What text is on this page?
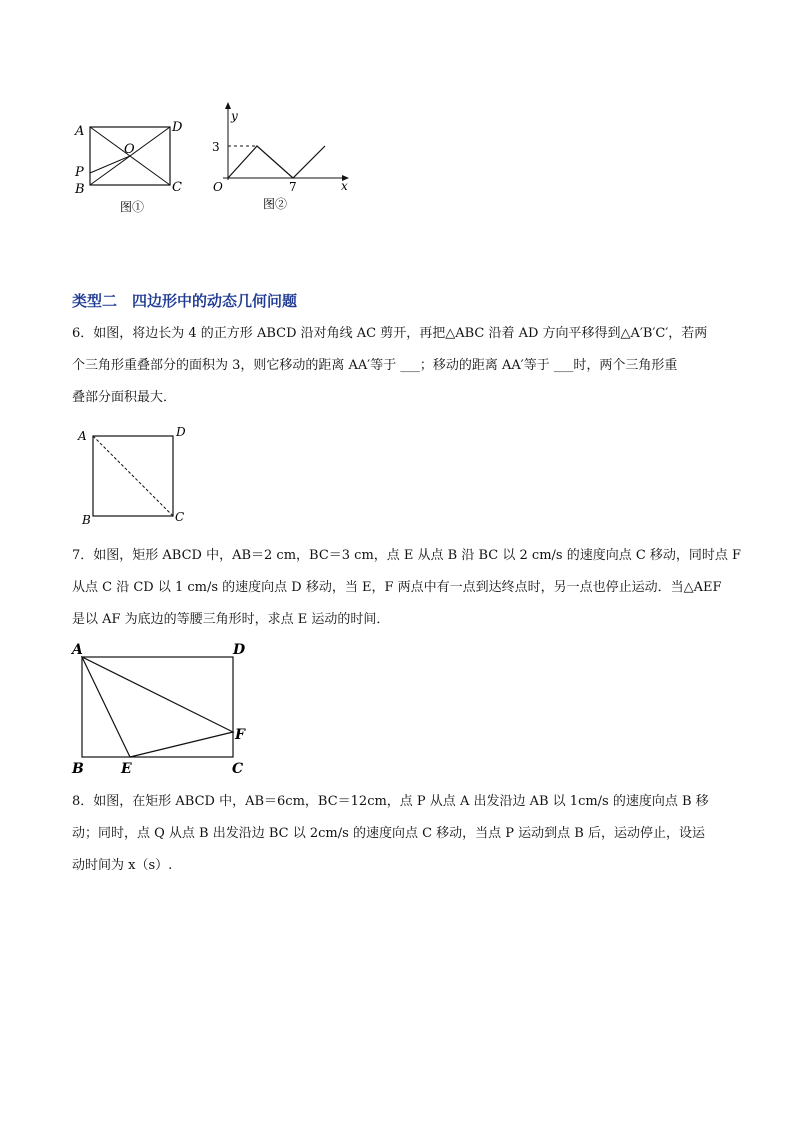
A	D
O
P
B	C
图①
y
x
O
3
7
图②
类型二　四边形中的动态几何问题
6．如图，将边长为 4 的正方形 ABCD 沿对角线 AC 剪开，再把△ABC 沿着 AD 方向平移得到△A′B′C′，若两
个三角形重叠部分的面积为 3，则它移动的距离 AA′等于 ___；移动的距离 AA′等于 ___时，两个三角形重
叠部分面积最大．
A	D
B	C
7．如图，矩形 ABCD 中，AB＝2 cm，BC＝3 cm，点 E 从点 B 沿 BC 以 2 cm/s 的速度向点 C 移动，同时点 F
从点 C 沿 CD 以 1 cm/s 的速度向点 D 移动，当 E，F 两点中有一点到达终点时，另一点也停止运动．当△AEF
是以 AF 为底边的等腰三角形时，求点 E 运动的时间．
A	D
B	E	C
F
8．如图，在矩形 ABCD 中，AB＝6cm，BC＝12cm，点 P 从点 A 出发沿边 AB 以 1cm/s 的速度向点 B 移
动；同时，点 Q 从点 B 出发沿边 BC 以 2cm/s 的速度向点 C 移动，当点 P 运动到点 B 后，运动停止，设运
动时间为 x（s）.
